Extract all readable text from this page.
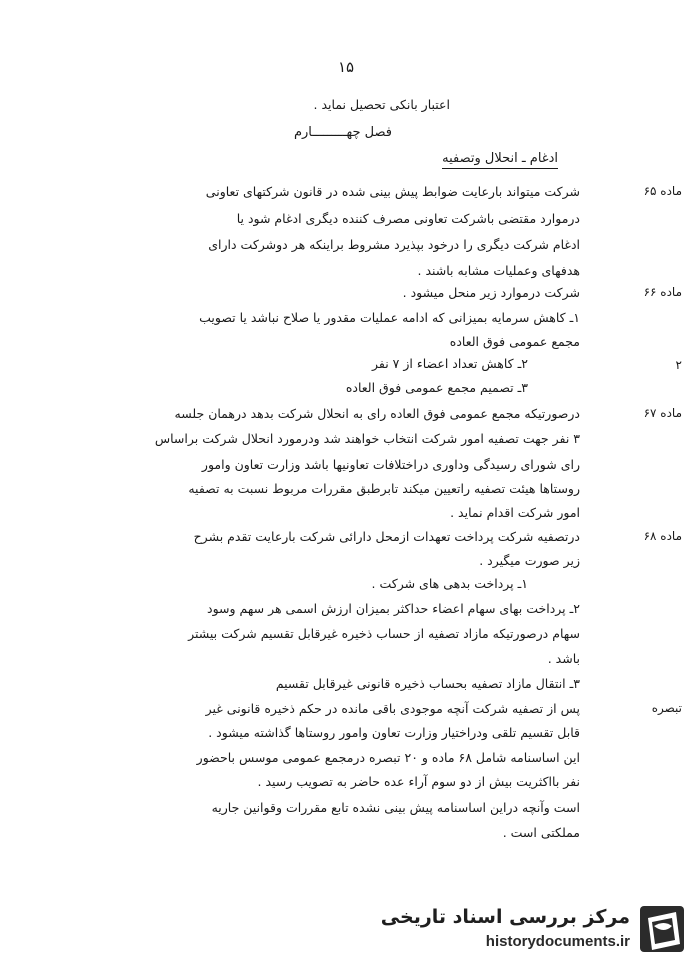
۱۵
اعتبار بانکی تحصیل نماید .
فصل چهـــــــــارم
ادغام ـ انحلال وتصفیه
شرکت میتواند بارعایت ضوابط پیش بینی شده در قانون شرکتهای تعاونی
درموارد مقتضی باشرکت تعاونی مصرف کننده دیگری ادغام شود یا
ادغام شرکت دیگری را درخود بپذیرد مشروط براینکه هر دوشرکت دارای
هدفهای وعملیات مشابه باشند .
شرکت درموارد زیر منحل میشود .
۱ـ کاهش سرمایه بمیزانی که ادامه عملیات مقدور یا صلاح نباشد یا تصویب
مجمع عمومی فوق العاده
۲ـ کاهش تعداد اعضاء از ۷ نفر
۳ـ تصمیم مجمع عمومی فوق العاده
درصورتیکه مجمع عمومی فوق العاده رای به انحلال شرکت بدهد درهمان جلسه
۳ نفر جهت تصفیه امور شرکت انتخاب خواهند شد ودرمورد انحلال شرکت براساس
رای شورای رسیدگی وداوری دراختلافات تعاونیها باشد وزارت تعاون وامور
روستاها هیئت تصفیه راتعیین میکند تابرطبق مقررات مربوط نسبت به تصفیه
امور شرکت اقدام نماید .
درتصفیه شرکت پرداخت تعهدات ازمحل دارائی شرکت بارعایت تقدم بشرح
زیر صورت میگیرد .
۱ـ پرداخت بدهی های شرکت .
۲ـ پرداخت بهای سهام اعضاء حداکثر بمیزان ارزش اسمی هر سهم وسود
سهام درصورتیکه مازاد تصفیه از حساب ذخیره غیرقابل تقسیم شرکت بیشتر
باشد .
۳ـ انتقال مازاد تصفیه بحساب ذخیره قانونی غیرقابل تقسیم
پس از تصفیه شرکت آنچه موجودی باقی مانده در حکم ذخیره قانونی غیر
قابل تقسیم تلقی ودراختیار وزارت تعاون وامور روستاها گذاشته میشود .
این اساسنامه شامل ۶۸ ماده و ۲۰ تبصره درمجمع عمومی موسس باحضور
نفر بااکثریت بیش از دو سوم آراء عده حاضر به تصویب رسید .
است وآنچه دراین اساسنامه پیش بینی نشده تابع مقررات وقوانین جاریه
مملکتی است .
ماده ۶۵
ماده ۶۶
۲
ماده ۶۷
ماده ۶۸
تبصره
مرکز بررسی اسناد تاریخی
historydocuments.ir
